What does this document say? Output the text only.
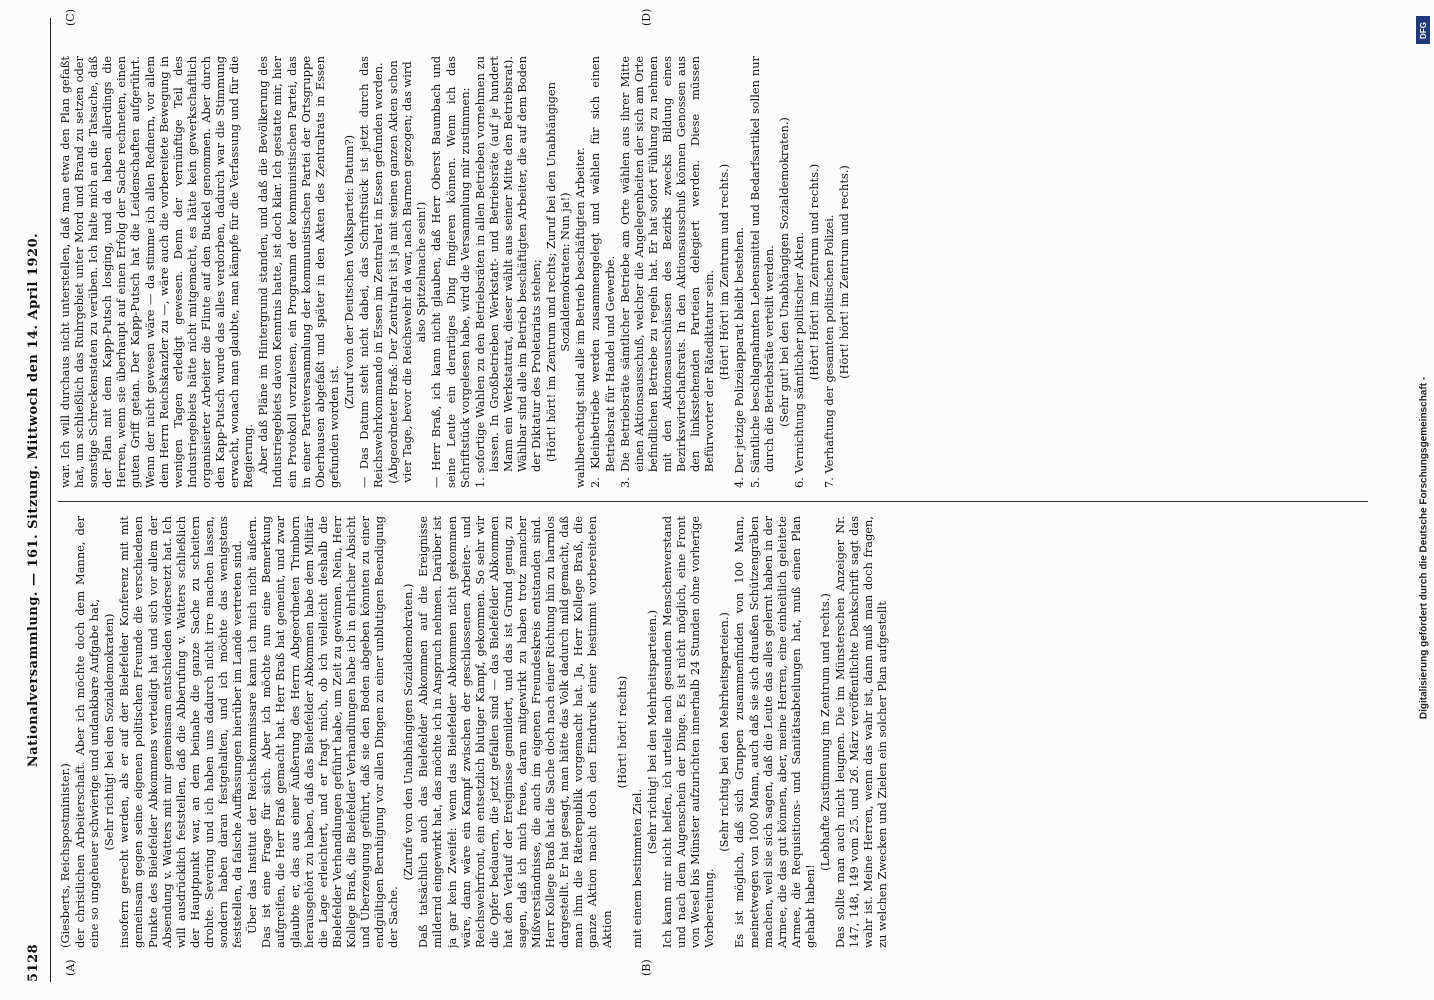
5128
Nationalversammlung. — 161. Sitzung. Mittwoch den 14. April 1920.
(A)	(B)
(C)	(D)

(Giesberts, Reichspostminister.) der christlichen Arbeiterschaft. Aber ich möchte doch dem Manne, der eine so ungeheuer schwierige und undankbare Aufgabe hat, (Sehr richtig! bei den Sozialdemokraten) insofern gerecht werden, als er auf der Bielefelder Konferenz mit mit gemeinsam gegen seine eigenen politischen Freunde die verschiedenen Punkte des Bielefelder Abkommens verteidigt hat und sich vor allem der Absendung v. Watters mit mir gemeinsam entschieden widersetzt hat. Ich will ausdrücklich feststellen, daß die Abberufung v. Watters schließlich der Hauptpunkt war, an dem beinahe die ganze Sache zu scheitern drohte. Severing und ich haben uns dadurch nicht irre machen lassen, sondern haben daran festgehalten, und ich möchte das wenigstens feststellen, da falsche Auffassungen hierüber im Lande vertreten sind. Über das Institut der Reichskommissare kann ich mich nicht äußern. Das ist eine Frage für sich. Aber ich möchte nun eine Bemerkung aufgreifen, die Herr Braß gemacht hat. Herr Braß hat gemeint, und zwar glaubte er, das aus einer Äußerung des Herrn Abgeordneten Trimborn herausgehört zu haben, daß das Bielefelder Abkommen habe dem Militär die Lage erleichtert, und er fragt mich, ob ich vielleicht deshalb die Bielefelder Verhandlungen geführt habe, um Zeit zu gewinnen. Nein, Herr Kollege Braß, die Bielefelder Verhandlungen habe ich in ehrlicher Absicht und Überzeugung geführt, daß sie den Boden abgeben könnten zu einer endgültigen Beruhigung vor allen Dingen zu einer unblutigen Beendigung der Sache.

(Zurufe von den Unabhängigen Sozialdemokraten.) Daß tatsächlich auch das Bielefelder Abkommen auf die Ereignisse mildernd eingewirkt hat, das möchte ich in Anspruch nehmen. Darüber ist ja gar kein Zweifel: wenn das Bielefelder Abkommen nicht gekommen wäre, dann wäre ein Kampf zwischen der geschlossenen Arbeiter- und Reichswehrfront, ein entsetzlich blutiger Kampf, gekommen. So sehr wir die Opfer bedauern, die jetzt gefallen sind — das Bielefelder Abkommen hat den Verlauf der Ereignisse gemildert, und das ist Grund genug, zu sagen, daß ich mich freue, daran mitgewirkt zu haben trotz mancher Mißverständnisse, die auch im eigenen Freundeskreis entstanden sind. Herr Kollege Braß hat die Sache doch nach einer Richtung hin zu harmlos dargestellt. Er hat gesagt, man hätte das Volk dadurch mild gemacht, daß man ihm die Räterepublik vorgemacht hat. Ja, Herr Kollege Braß, die ganze Aktion macht doch den Eindruck einer bestimmt vorbereiteten Aktion

(Hört! hört! rechts)

mit einem bestimmten Ziel.

(Sehr richtig! bei den Mehrheitsparteien.) Ich kann mir nicht helfen, ich urteile nach gesundem Menschenverstand und nach dem Augenschein der Dinge. Es ist nicht möglich, eine Front von Wesel bis Münster aufzurichten innerhalb 24 Stunden ohne vorherige Vorbereitung.

(Sehr richtig bei den Mehrheitsparteien.) Es ist möglich, daß sich Gruppen zusammenfinden von 100 Mann, meinetwegen von 1000 Mann, auch daß sie sich draußen Schützengräben machen, weil sie sich sagen, daß die Leute das alles gelernt haben in der Armee, die das gut können, aber, meine Herren, eine einheitlich geleitete Armee, die Requisitions- und Sanitätsabteilungen hat, muß einen Plan gehabt haben!

(Lebhafte Zustimmung im Zentrum und rechts.) Das sollte man auch nicht leugnen. Die im Münsterschen Anzeiger Nr. 147, 148, 149 vom 25. und 26. März veröffentlichte Denkschrift sagt das wahr ist. Meine Herren, wenn das wahr ist, dann muß man doch fragen, zu welchen Zwecken und Zielen ein solcher Plan aufgestellt

war. Ich will durchaus nicht unterstellen, daß man etwa den Plan gefaßt hat, um schließlich das Ruhrgebiet unter Mord und Brand zu setzen oder sonstige Schreckenstaten zu verüben. Ich halte mich an die Tatsache, daß der Plan mit dem Kapp-Putsch losging, und da haben allerdings die Herren, wenn sie überhaupt auf einen Erfolg der Sache rechneten, einen guten Griff getan. Der Kapp-Putsch hat die Leidenschaften aufgerührt. Wenn der nicht gewesen wäre — da stimme ich allen Rednern, vor allem dem Herrn Reichskanzler zu —, wäre auch die vorbereitete Bewegung in wenigen Tagen erledigt gewesen. Denn der vernünftige Teil des Industriegebiets hätte nicht mitgemacht, es hätte kein gewerkschaftlich organisierter Arbeiter die Flinte auf den Buckel genommen. Aber durch den Kapp-Putsch wurde das alles verdorben, dadurch war die Stimmung erwacht, wonach man glaubte, man kämpfe für die Verfassung und für die Regierung. Aber daß Pläne im Hintergrund standen, und daß die Bevölkerung des Industriegebiets davon Kenntnis hatte, ist doch klar. Ich gestatte mir, hier ein Protokoll vorzulesen, ein Programm der kommunistischen Partei, das in einer Parteiversammlung der kommunistischen Partei der Ortsgruppe Oberhausen abgefaßt und später in den Akten des Zentralrats in Essen gefunden worden ist.

(Zuruf von der Deutschen Volkspartei: Datum?) — Das Datum steht nicht dabei, das Schriftstück ist jetzt durch das Reichswehrkommando in Essen im Zentralrat in Essen gefunden worden. (Abgeordneter Braß: Der Zentralrat ist ja mit seinen ganzen Akten schon vier Tage, bevor die Reichswehr da war, nach Barmen gezogen; das wird also Spitzelmache sein!) — Herr Braß, ich kann nicht glauben, daß Herr Oberst Baumbach und seine Leute ein derartiges Ding fingieren können. Wenn ich das Schriftstück vorgelesen habe, wird die Versammlung mir zustimmen: 1. sofortige Wahlen zu den Betriebsräten in allen Betrieben vornehmen zu lassen. In Großbetrieben Werkstatt- und Betriebsräte (auf je hundert Mann ein Werkstattrat, dieser wählt aus seiner Mitte den Betriebsrat). Wählbar sind alle im Betrieb beschäftigten Arbeiter, die auf dem Boden der Diktatur des Proletariats stehen; (Hört! hört! im Zentrum und rechts; Zuruf bei den Unabhängigen Sozialdemokraten: Nun ja!) wahlberechtigt sind alle im Betrieb beschäftigten Arbeiter. 2. Kleinbetriebe werden zusammengelegt und wählen für sich einen Betriebsrat für Handel und Gewerbe. 3. Die Betriebsräte sämtlicher Betriebe am Orte wählen aus ihrer Mitte einen Aktionsausschuß, welcher die Angelegenheiten der sich am Orte befindlichen Betriebe zu regeln hat. Er hat sofort Fühlung zu nehmen mit den Aktionsausschüssen des Bezirks zwecks Bildung eines Bezirkswirtschaftsrats. In den Aktionsausschuß können Genossen aus den linksstehenden Parteien delegiert werden. Diese müssen Befürworter der Rätediktatur sein. (Hört! Hört! im Zentrum und rechts.) 4. Der jetzige Polizeiapparat bleibt bestehen. 5. Sämtliche beschlagnahmten Lebensmittel und Bedarfsartikel sollen nur durch die Betriebsräte verteilt werden. (Sehr gut! bei den Unabhängigen Sozialdemokraten.) 6. Vernichtung sämtlicher politischer Akten. (Hört! Hört! im Zentrum und rechts.) 7. Verhaftung der gesamten politischen Polizei. (Hört! hört! im Zentrum und rechts.)

DFG
Digitalisierung gefördert durch die Deutsche Forschungsgemeinschaft -
